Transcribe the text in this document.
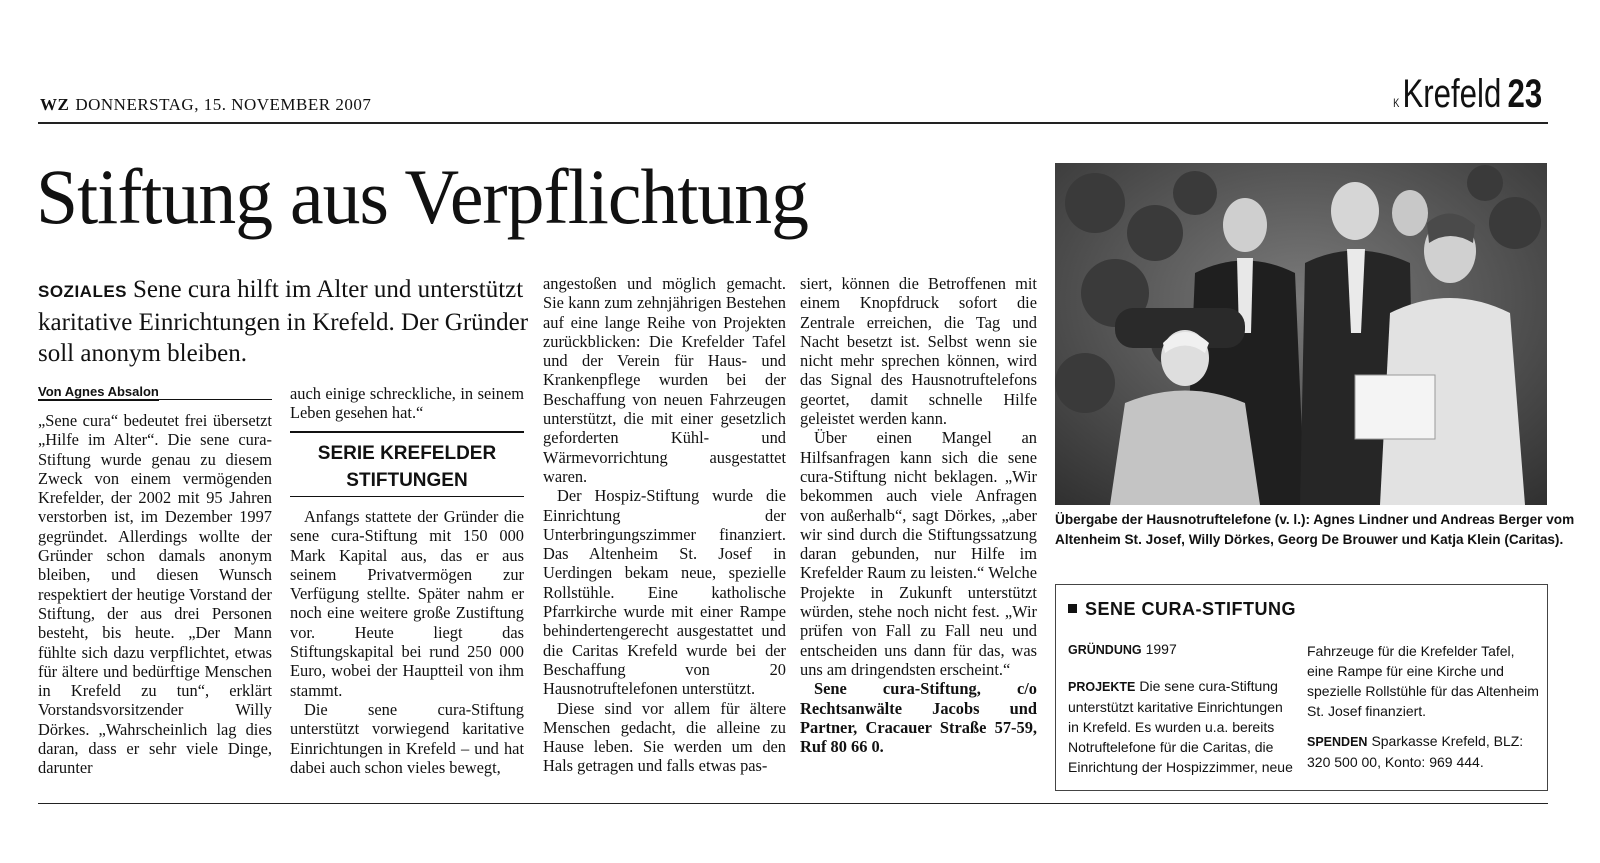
WZ DONNERSTAG, 15. NOVEMBER 2007	KKrefeld 23
Stiftung aus Verpflichtung
SOZIALES Sene cura hilft im Alter und unterstützt karitative Einrichtungen in Krefeld. Der Gründer soll anonym bleiben.
Von Agnes Absalon

„Sene cura“ bedeutet frei übersetzt „Hilfe im Alter“. Die sene cura-Stiftung wurde genau zu diesem Zweck von einem vermögenden Krefelder, der 2002 mit 95 Jahren verstorben ist, im Dezember 1997 gegründet. Allerdings wollte der Gründer schon damals anonym bleiben, und diesen Wunsch respektiert der heutige Vorstand der Stiftung, der aus drei Personen besteht, bis heute. „Der Mann fühlte sich dazu verpflichtet, etwas für ältere und bedürftige Menschen in Krefeld zu tun“, erklärt Vorstandsvorsitzender Willy Dörkes. „Wahrscheinlich lag dies daran, dass er sehr viele Dinge, darunter

auch einige schreckliche, in seinem Leben gesehen hat.“

SERIE KREFELDER STIFTUNGEN

Anfangs stattete der Gründer die sene cura-Stiftung mit 150 000 Mark Kapital aus, das er aus seinem Privatvermögen zur Verfügung stellte. Später nahm er noch eine weitere große Zustiftung vor. Heute liegt das Stiftungskapital bei rund 250 000 Euro, wobei der Hauptteil von ihm stammt.

Die sene cura-Stiftung unterstützt vorwiegend karitative Einrichtungen in Krefeld – und hat dabei auch schon vieles bewegt,

angestoßen und möglich gemacht. Sie kann zum zehnjährigen Bestehen auf eine lange Reihe von Projekten zurückblicken: Die Krefelder Tafel und der Verein für Haus- und Krankenpflege wurden bei der Beschaffung von neuen Fahrzeugen unterstützt, die mit einer gesetzlich geforderten Kühl- und Wärmevorrichtung ausgestattet waren.

Der Hospiz-Stiftung wurde die Einrichtung der Unterbringungszimmer finanziert. Das Altenheim St. Josef in Uerdingen bekam neue, spezielle Rollstühle. Eine katholische Pfarrkirche wurde mit einer Rampe behindertengerecht ausgestattet und die Caritas Krefeld wurde bei der Beschaffung von 20 Hausnotruftelefonen unterstützt.

Diese sind vor allem für ältere Menschen gedacht, die alleine zu Hause leben. Sie werden um den Hals getragen und falls etwas pas-

siert, können die Betroffenen mit einem Knopfdruck sofort die Zentrale erreichen, die Tag und Nacht besetzt ist. Selbst wenn sie nicht mehr sprechen können, wird das Signal des Hausnotruftelefons geortet, damit schnelle Hilfe geleistet werden kann.

Über einen Mangel an Hilfsanfragen kann sich die sene cura-Stiftung nicht beklagen. „Wir bekommen auch viele Anfragen von außerhalb“, sagt Dörkes, „aber wir sind durch die Stiftungssatzung daran gebunden, nur Hilfe im Krefelder Raum zu leisten.“ Welche Projekte in Zukunft unterstützt würden, stehe noch nicht fest. „Wir prüfen von Fall zu Fall neu und entscheiden uns dann für das, was uns am dringendsten erscheint.“

Sene cura-Stiftung, c/o Rechtsanwälte Jacobs und Partner, Cracauer Straße 57-59, Ruf 80 66 0.

Übergabe der Hausnotruftelefone (v. l.): Agnes Lindner und Andreas Berger vom
Altenheim St. Josef, Willy Dörkes, Georg De Brouwer und Katja Klein (Caritas).
SENE CURA-STIFTUNG
GRÜNDUNG 1997
PROJEKTE Die sene cura-Stiftung unterstützt karitative Einrichtungen in Krefeld. Es wurden u.a. bereits Notruftelefone für die Caritas, die Einrichtung der Hospizzimmer, neue
Fahrzeuge für die Krefelder Tafel, eine Rampe für eine Kirche und spezielle Rollstühle für das Altenheim St. Josef finanziert.
SPENDEN Sparkasse Krefeld, BLZ: 320 500 00, Konto: 969 444.
